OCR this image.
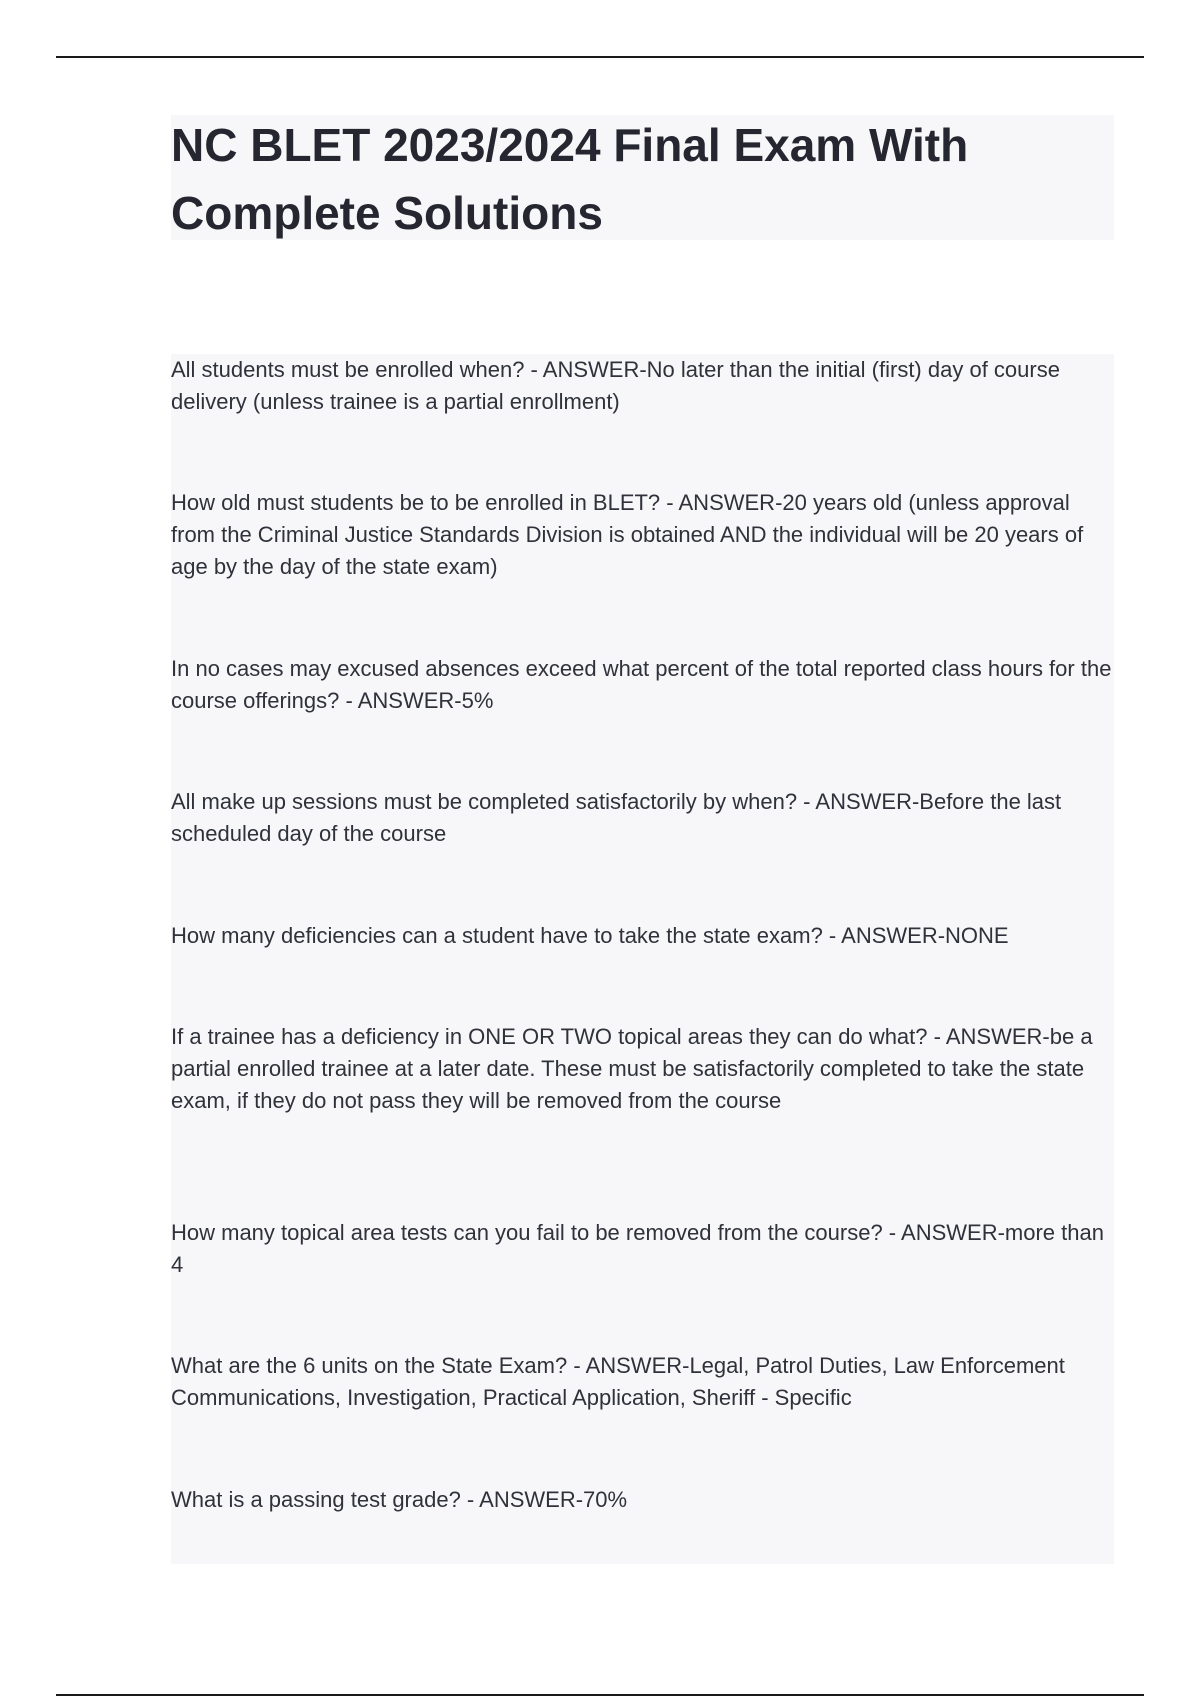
NC BLET 2023/2024 Final Exam With Complete Solutions

All students must be enrolled when? - ANSWER-No later than the initial (first) day of course delivery (unless trainee is a partial enrollment)

How old must students be to be enrolled in BLET? - ANSWER-20 years old (unless approval from the Criminal Justice Standards Division is obtained AND the individual will be 20 years of age by the day of the state exam)

In no cases may excused absences exceed what percent of the total reported class hours for the course offerings? - ANSWER-5%

All make up sessions must be completed satisfactorily by when? - ANSWER-Before the last scheduled day of the course

How many deficiencies can a student have to take the state exam? - ANSWER-NONE

If a trainee has a deficiency in ONE OR TWO topical areas they can do what? - ANSWER-be a partial enrolled trainee at a later date. These must be satisfactorily completed to take the state exam, if they do not pass they will be removed from the course

How many topical area tests can you fail to be removed from the course? - ANSWER-more than 4

What are the 6 units on the State Exam? - ANSWER-Legal, Patrol Duties, Law Enforcement Communications, Investigation, Practical Application, Sheriff - Specific

What is a passing test grade? - ANSWER-70%
